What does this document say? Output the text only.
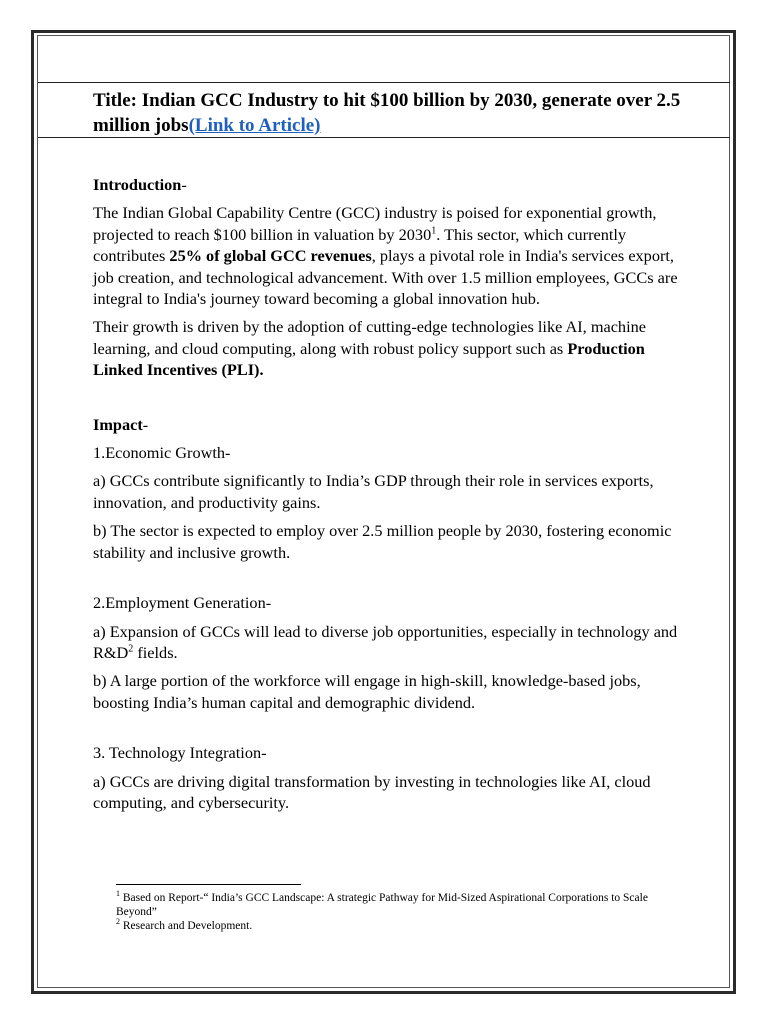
Title: Indian GCC Industry to hit $100 billion by 2030, generate over 2.5 million jobs(Link to Article)

Introduction-

The Indian Global Capability Centre (GCC) industry is poised for exponential growth, projected to reach $100 billion in valuation by 2030$^1$. This sector, which currently contributes 25% of global GCC revenues, plays a pivotal role in India's services export, job creation, and technological advancement. With over 1.5 million employees, GCCs are integral to India's journey toward becoming a global innovation hub.

Their growth is driven by the adoption of cutting-edge technologies like AI, machine learning, and cloud computing, along with robust policy support such as Production Linked Incentives (PLI).

Impact-

1.Economic Growth-

a) GCCs contribute significantly to India’s GDP through their role in services exports, innovation, and productivity gains.

b) The sector is expected to employ over 2.5 million people by 2030, fostering economic stability and inclusive growth.

2.Employment Generation-

a) Expansion of GCCs will lead to diverse job opportunities, especially in technology and $R\&D^2$ fields.

b) A large portion of the workforce will engage in high-skill, knowledge-based jobs, boosting India’s human capital and demographic dividend.

3. Technology Integration-

a) GCCs are driving digital transformation by investing in technologies like AI, cloud computing, and cybersecurity.

$^1$ Based on Report-“ India’s GCC Landscape: A strategic Pathway for Mid-Sized Aspirational Corporations to Scale Beyond”
$^2$ Research and Development.
